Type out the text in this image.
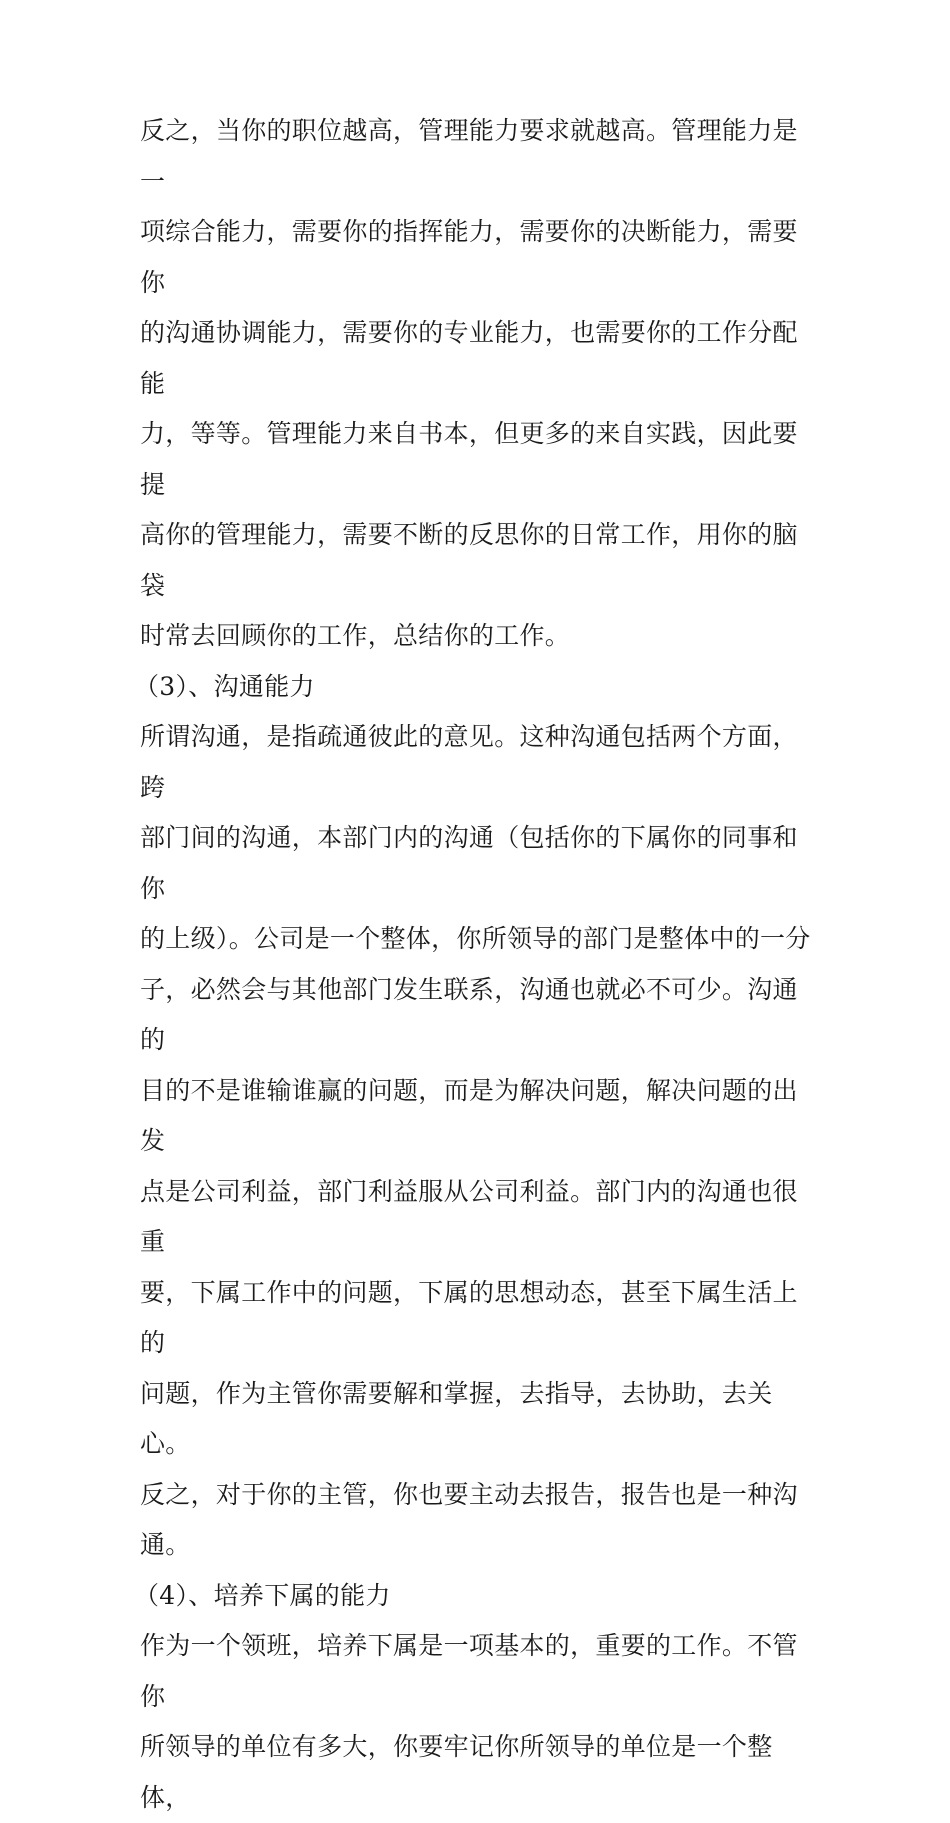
反之，当你的职位越高，管理能力要求就越高。管理能力是一

项综合能力，需要你的指挥能力，需要你的决断能力，需要你

的沟通协调能力，需要你的专业能力，也需要你的工作分配能

力，等等。管理能力来自书本，但更多的来自实践，因此要提

高你的管理能力，需要不断的反思你的日常工作，用你的脑袋

时常去回顾你的工作，总结你的工作。

（3）、沟通能力

所谓沟通，是指疏通彼此的意见。这种沟通包括两个方面，跨

部门间的沟通，本部门内的沟通（包括你的下属你的同事和你

的上级）。公司是一个整体，你所领导的部门是整体中的一分

子，必然会与其他部门发生联系，沟通也就必不可少。沟通的

目的不是谁输谁赢的问题，而是为解决问题，解决问题的出发

点是公司利益，部门利益服从公司利益。部门内的沟通也很重

要，下属工作中的问题，下属的思想动态，甚至下属生活上的

问题，作为主管你需要解和掌握，去指导，去协助，去关心。

反之，对于你的主管，你也要主动去报告，报告也是一种沟

通。

（4）、培养下属的能力

作为一个领班，培养下属是一项基本的，重要的工作。不管你

所领导的单位有多大，你要牢记你所领导的单位是一个整体，
